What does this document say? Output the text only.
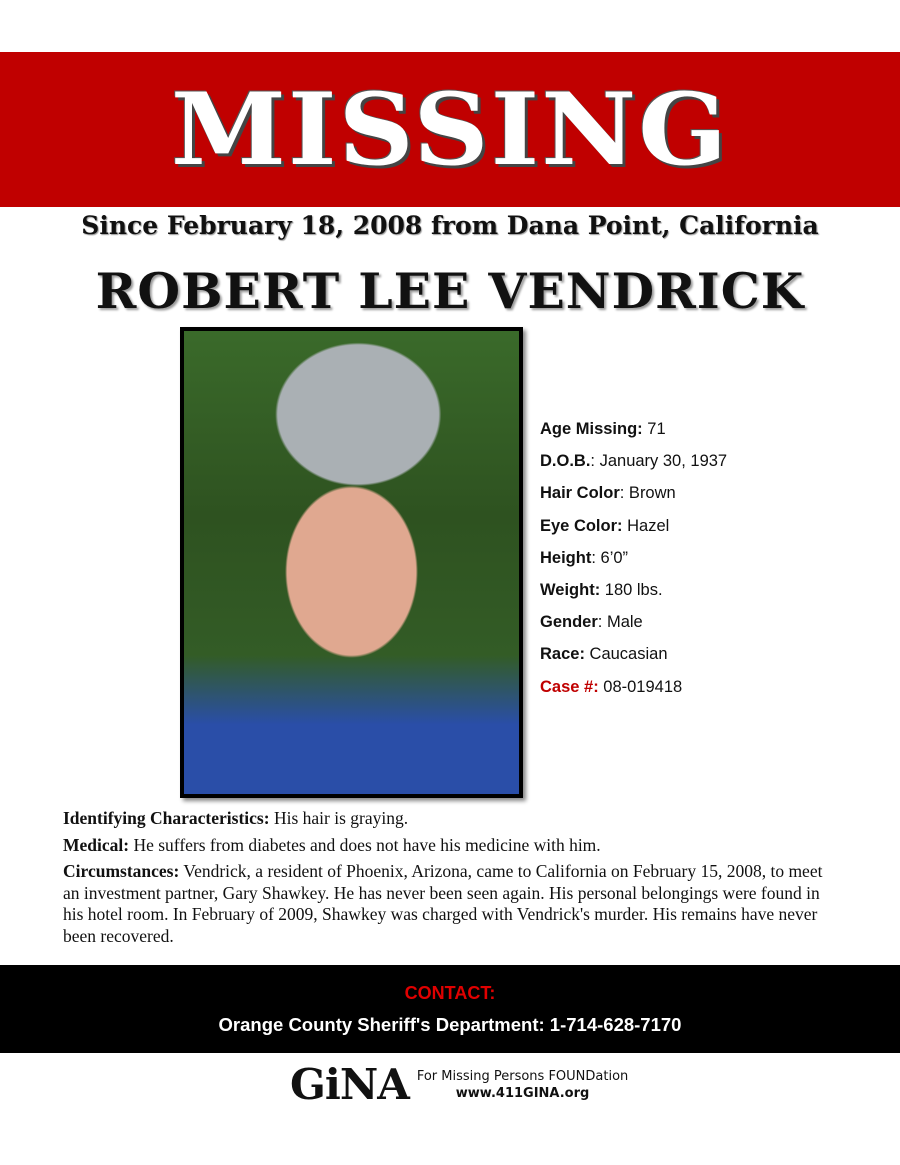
MISSING
Since February 18, 2008 from Dana Point, California
ROBERT LEE VENDRICK
Age Missing: 71
D.O.B.: January 30, 1937
Hair Color: Brown
Eye Color: Hazel
Height: 6’0”
Weight: 180 lbs.
Gender: Male
Race: Caucasian
Case #: 08-019418

Identifying Characteristics: His hair is graying.

Medical: He suffers from diabetes and does not have his medicine with him.

Circumstances: Vendrick, a resident of Phoenix, Arizona, came to California on February 15, 2008, to meet an investment partner, Gary Shawkey. He has never been seen again. His personal belongings were found in his hotel room. In February of 2009, Shawkey was charged with Vendrick's murder. His remains have never been recovered.

CONTACT:
Orange County Sheriff's Department: 1-714-628-7170
GiNA For Missing Persons FOUNDation
www.411GINA.org
